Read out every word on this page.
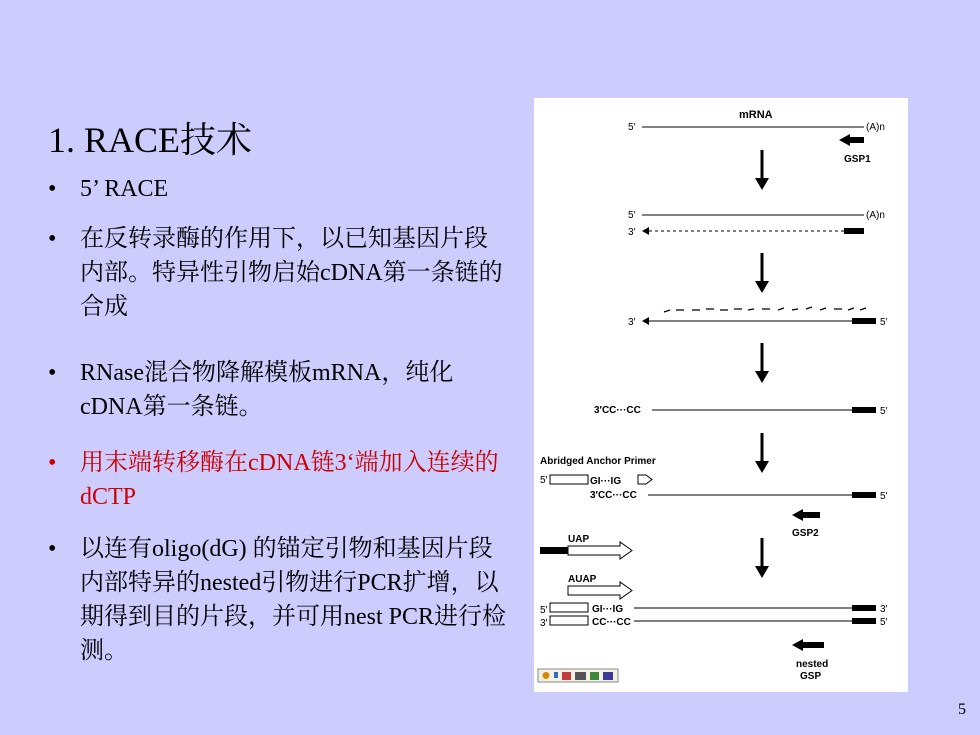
1. RACE技术
• 5’ RACE
• 在反转录酶的作用下，以已知基因片段内部。特异性引物启始cDNA第一条链的合成
• RNase混合物降解模板mRNA，纯化cDNA第一条链。
• 用末端转移酶在cDNA链3‘端加入连续的dCTP
• 以连有oligo(dG) 的锚定引物和基因片段内部特异的nested引物进行PCR扩增，以期得到目的片段，并可用nest PCR进行检测。
mRNA
5′	(A)n
GSP1
5′	(A)n
3′
3′	5′
3′CC···CC	5′
Abridged Anchor Primer
5′	GI···IG
3′CC···CC	5′
GSP2
UAP
AUAP
5′	GI···IG	3′
3′	CC···CC	5′
nested
GSP
5
